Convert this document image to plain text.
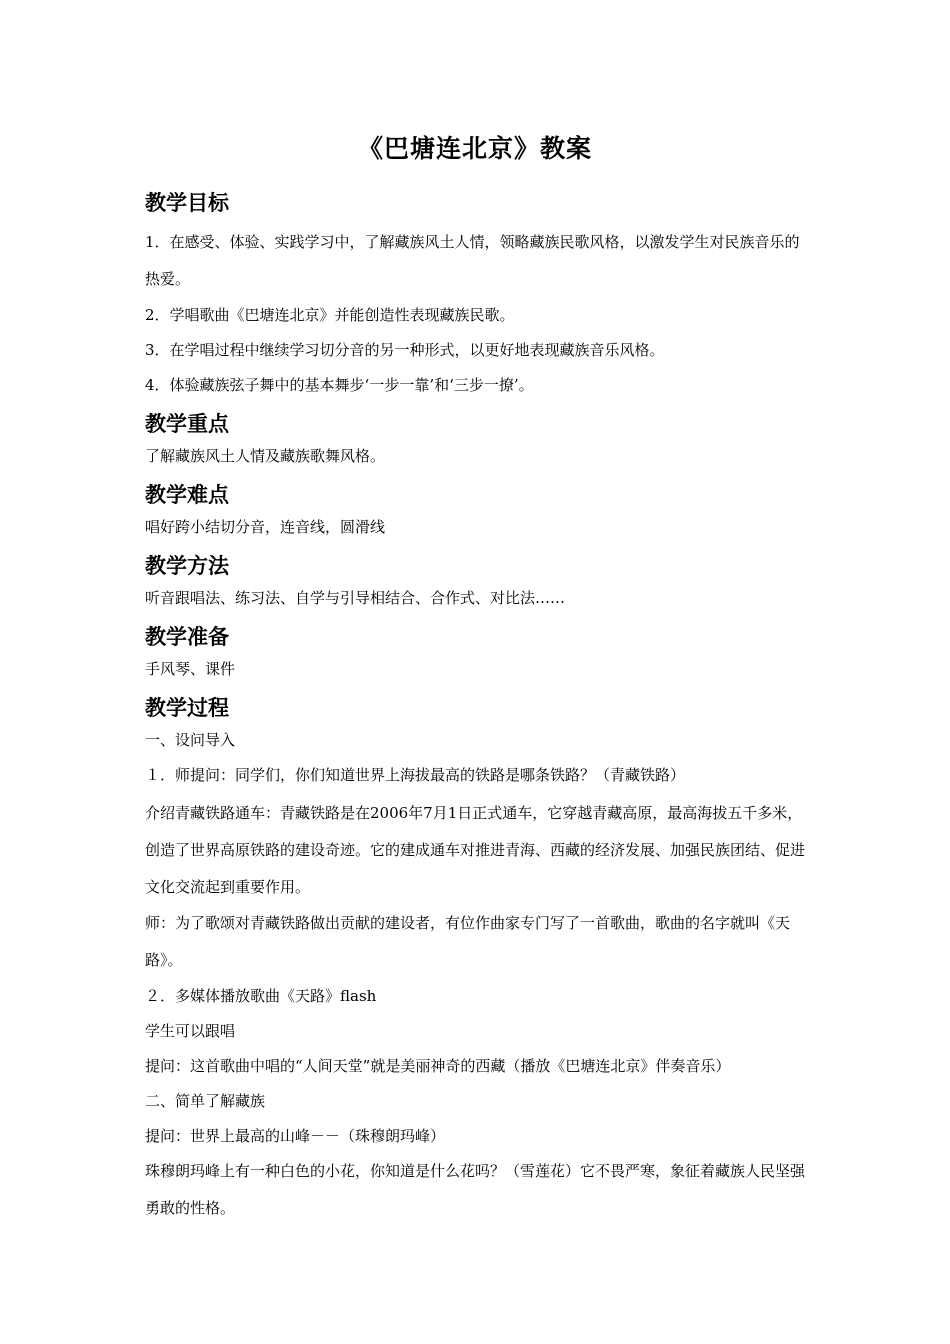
《巴塘连北京》教案
教学目标
1．在感受、体验、实践学习中，了解藏族风土人情，领略藏族民歌风格，以激发学生对民族音乐的热爱。
2．学唱歌曲《巴塘连北京》并能创造性表现藏族民歌。
3．在学唱过程中继续学习切分音的另一种形式，以更好地表现藏族音乐风格。
4．体验藏族弦子舞中的基本舞步‘一步一靠’和‘三步一撩’。
教学重点
了解藏族风土人情及藏族歌舞风格。
教学难点
唱好跨小结切分音，连音线，圆滑线
教学方法
听音跟唱法、练习法、自学与引导相结合、合作式、对比法……
教学准备
手风琴、课件
教学过程
一、设问导入
１．师提问：同学们，你们知道世界上海拔最高的铁路是哪条铁路？（青藏铁路）
介绍青藏铁路通车：青藏铁路是在2006年7月1日正式通车，它穿越青藏高原，最高海拔五千多米，创造了世界高原铁路的建设奇迹。它的建成通车对推进青海、西藏的经济发展、加强民族团结、促进文化交流起到重要作用。
师：为了歌颂对青藏铁路做出贡献的建设者，有位作曲家专门写了一首歌曲，歌曲的名字就叫《天路》。
２．多媒体播放歌曲《天路》flash
学生可以跟唱
提问：这首歌曲中唱的“人间天堂”就是美丽神奇的西藏（播放《巴塘连北京》伴奏音乐）
二、简单了解藏族
提问：世界上最高的山峰－－（珠穆朗玛峰）
珠穆朗玛峰上有一种白色的小花，你知道是什么花吗？（雪莲花）它不畏严寒，象征着藏族人民坚强勇敢的性格。
